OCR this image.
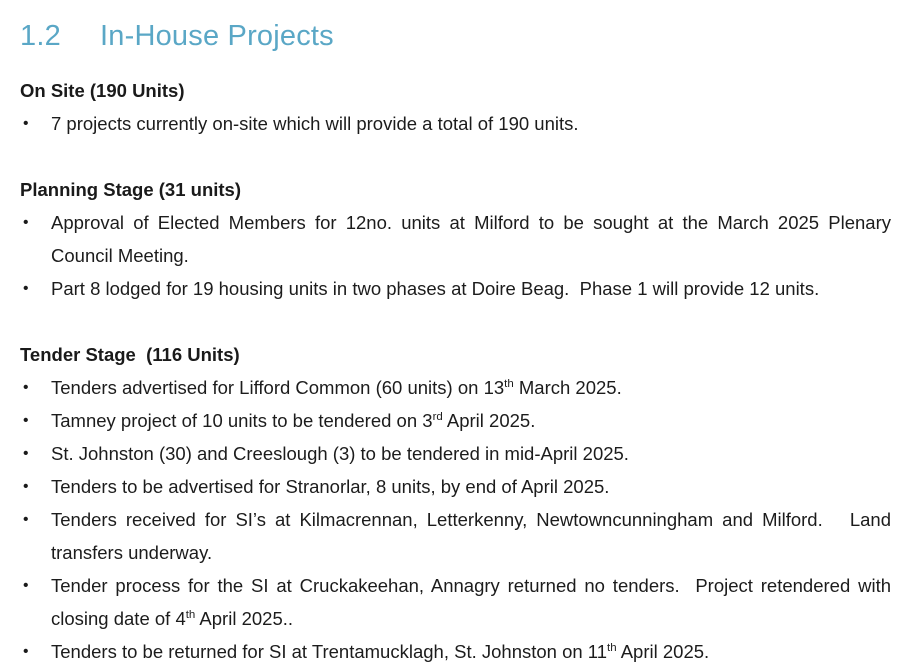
1.2 In-House Projects
On Site (190 Units)
• 7 projects currently on-site which will provide a total of 190 units.
Planning Stage (31 units)
• Approval of Elected Members for 12no. units at Milford to be sought at the March 2025 Plenary Council Meeting.
• Part 8 lodged for 19 housing units in two phases at Doire Beag.  Phase 1 will provide 12 units.
Tender Stage  (116 Units)
• Tenders advertised for Lifford Common (60 units) on 13th March 2025.
• Tamney project of 10 units to be tendered on 3rd April 2025.
• St. Johnston (30) and Creeslough (3) to be tendered in mid-April 2025.
• Tenders to be advertised for Stranorlar, 8 units, by end of April 2025.
• Tenders received for SI’s at Kilmacrennan, Letterkenny, Newtowncunningham and Milford.   Land transfers underway.
• Tender process for the SI at Cruckakeehan, Annagry returned no tenders.  Project retendered with closing date of 4th April 2025..
• Tenders to be returned for SI at Trentamucklagh, St. Johnston on 11th April 2025.
